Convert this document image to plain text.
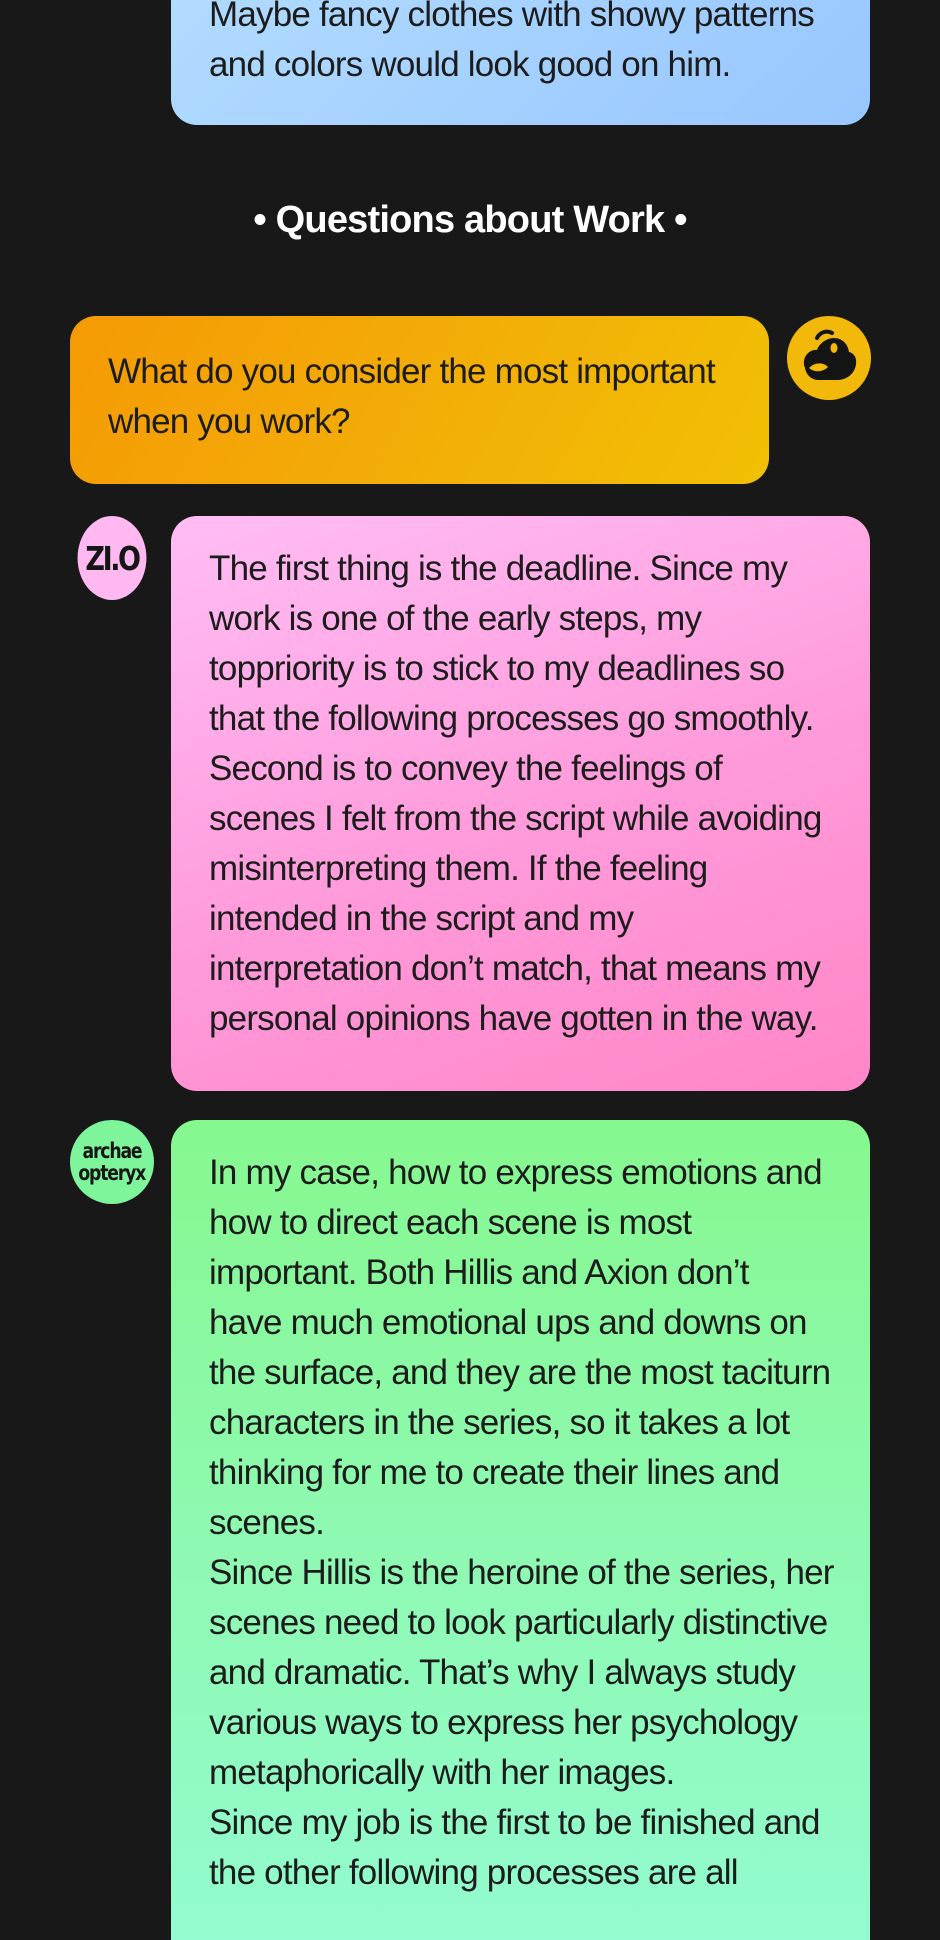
Maybe fancy clothes with showy patterns
and colors would look good on him.
• Questions about Work •
What do you consider the most important
when you work?
ZI.O	The first thing is the deadline. Since my
work is one of the early steps, my
toppriority is to stick to my deadlines so
that the following processes go smoothly.
Second is to convey the feelings of
scenes I felt from the script while avoiding
misinterpreting them. If the feeling
intended in the script and my
interpretation don’t match, that means my
personal opinions have gotten in the way.
archae
opteryx	In my case, how to express emotions and
how to direct each scene is most
important. Both Hillis and Axion don’t
have much emotional ups and downs on
the surface, and they are the most taciturn
characters in the series, so it takes a lot
thinking for me to create their lines and
scenes.
Since Hillis is the heroine of the series, her
scenes need to look particularly distinctive
and dramatic. That’s why I always study
various ways to express her psychology
metaphorically with her images.
Since my job is the first to be finished and
the other following processes are all
